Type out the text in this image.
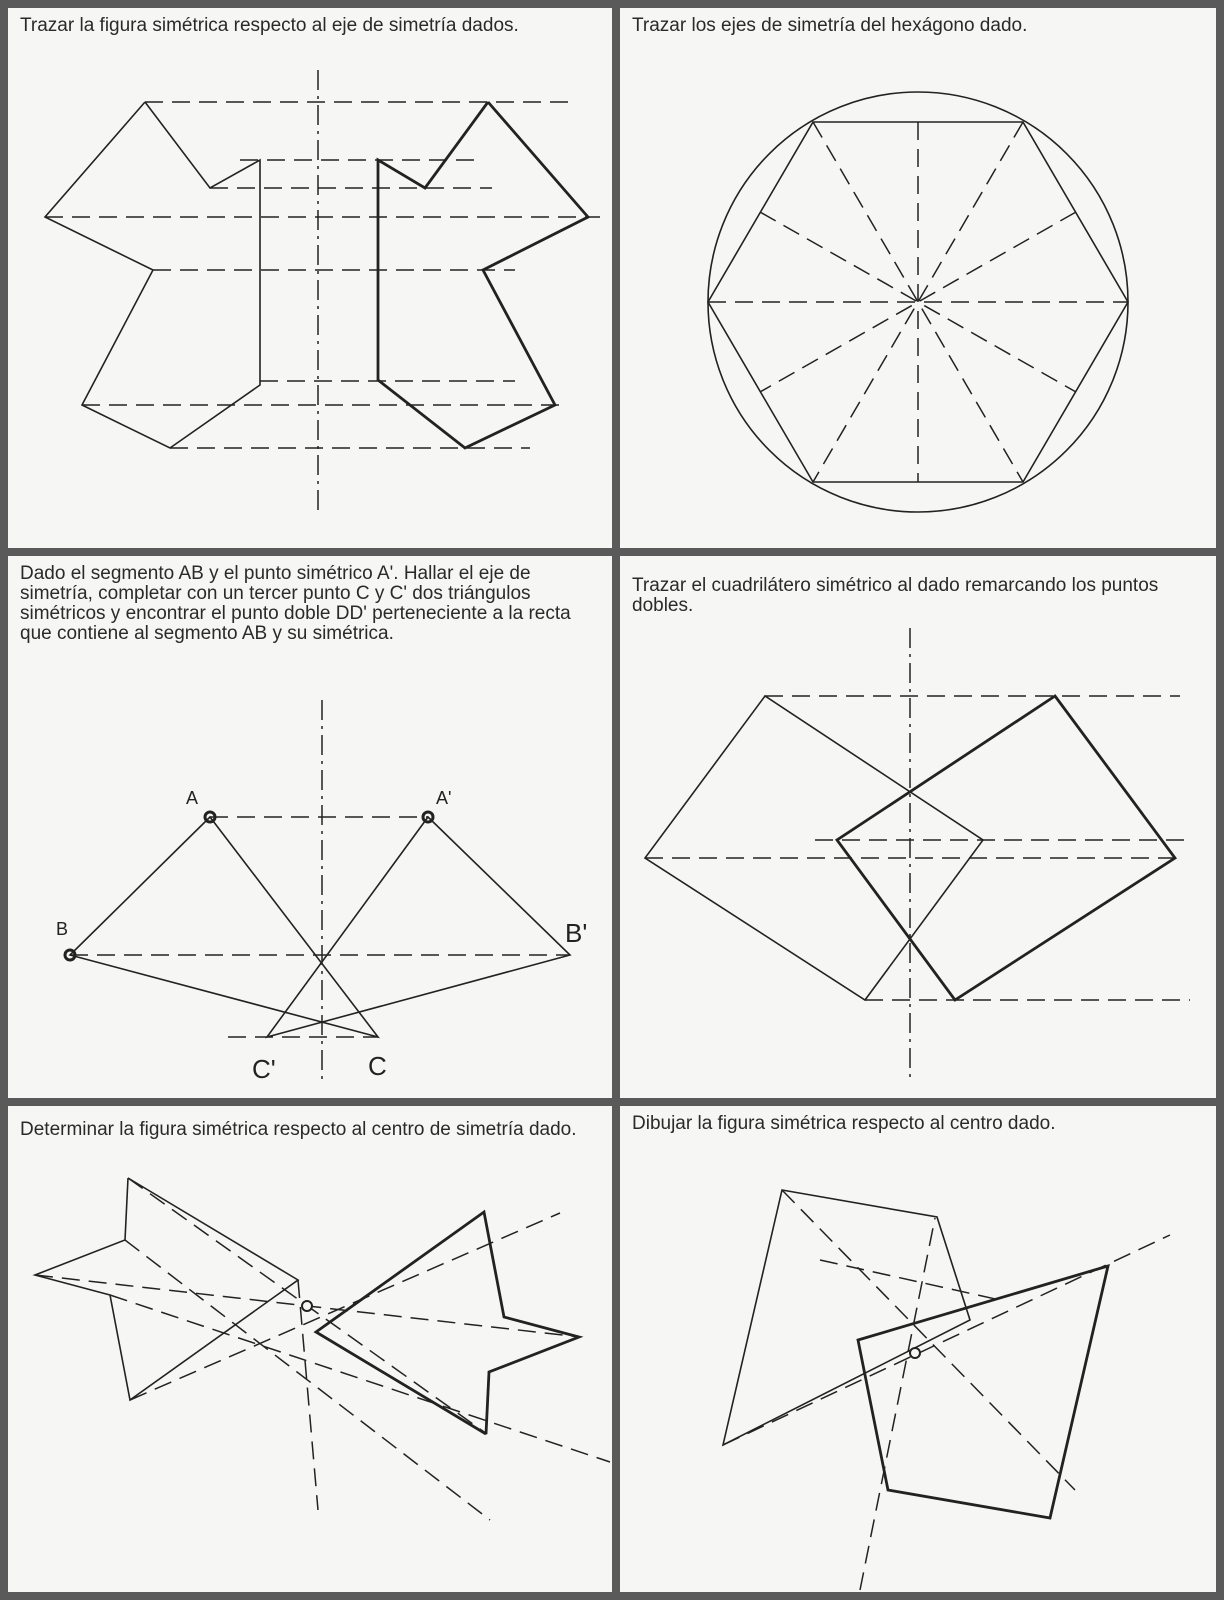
Trazar la figura simétrica respecto al eje de simetría dados.	Trazar los ejes de simetría del hexágono dado.
Dado el segmento AB y el punto simétrico A'. Hallar el eje de simetría, completar con un tercer punto C y C' dos triángulos simétricos y encontrar el punto doble DD' perteneciente a la recta que contiene al segmento AB y su simétrica.
Trazar el cuadrilátero simétrico al dado remarcando los puntos dobles.
Determinar la figura simétrica respecto al centro de simetría dado.	Dibujar la figura simétrica respecto al centro dado.
A	A'
B	B'
C
C'
